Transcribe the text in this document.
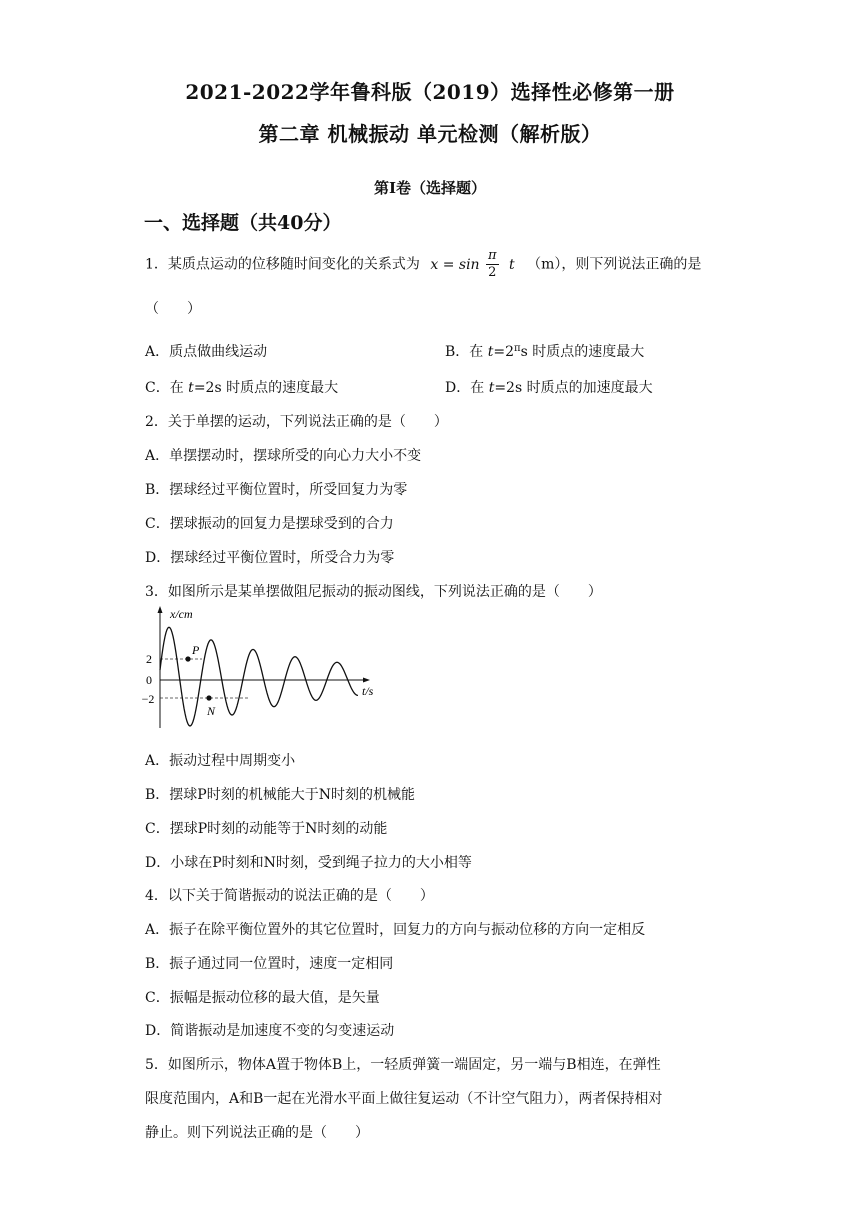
2021-2022学年鲁科版（2019）选择性必修第一册
第二章 机械振动 单元检测（解析版）
第Ⅰ卷（选择题）
一、选择题（共40分）
1．某质点运动的位移随时间变化的关系式为 $x = \sin \frac{\pi}{2}$ t （m），则下列说法正确的是
（　　）
A．质点做曲线运动	B．在 $t=2^\pi s$ 时质点的速度最大
C．在 t=2s 时质点的速度最大	D．在 t=2s 时质点的加速度最大
2．关于单摆的运动，下列说法正确的是（　　）
A．单摆摆动时，摆球所受的向心力大小不变
B．摆球经过平衡位置时，所受回复力为零
C．摆球振动的回复力是摆球受到的合力
D．摆球经过平衡位置时，所受合力为零
3．如图所示是某单摆做阻尼振动的振动图线，下列说法正确的是（　　）
x/cm
t/s
2
0
−2
P
N
A．振动过程中周期变小
B．摆球P时刻的机械能大于N时刻的机械能
C．摆球P时刻的动能等于N时刻的动能
D．小球在P时刻和N时刻，受到绳子拉力的大小相等
4．以下关于简谐振动的说法正确的是（　　）
A．振子在除平衡位置外的其它位置时，回复力的方向与振动位移的方向一定相反
B．振子通过同一位置时，速度一定相同
C．振幅是振动位移的最大值，是矢量
D．简谐振动是加速度不变的匀变速运动
5．如图所示，物体A置于物体B上，一轻质弹簧一端固定，另一端与B相连，在弹性
限度范围内，A和B一起在光滑水平面上做往复运动（不计空气阻力），两者保持相对
静止。则下列说法正确的是（　　）
